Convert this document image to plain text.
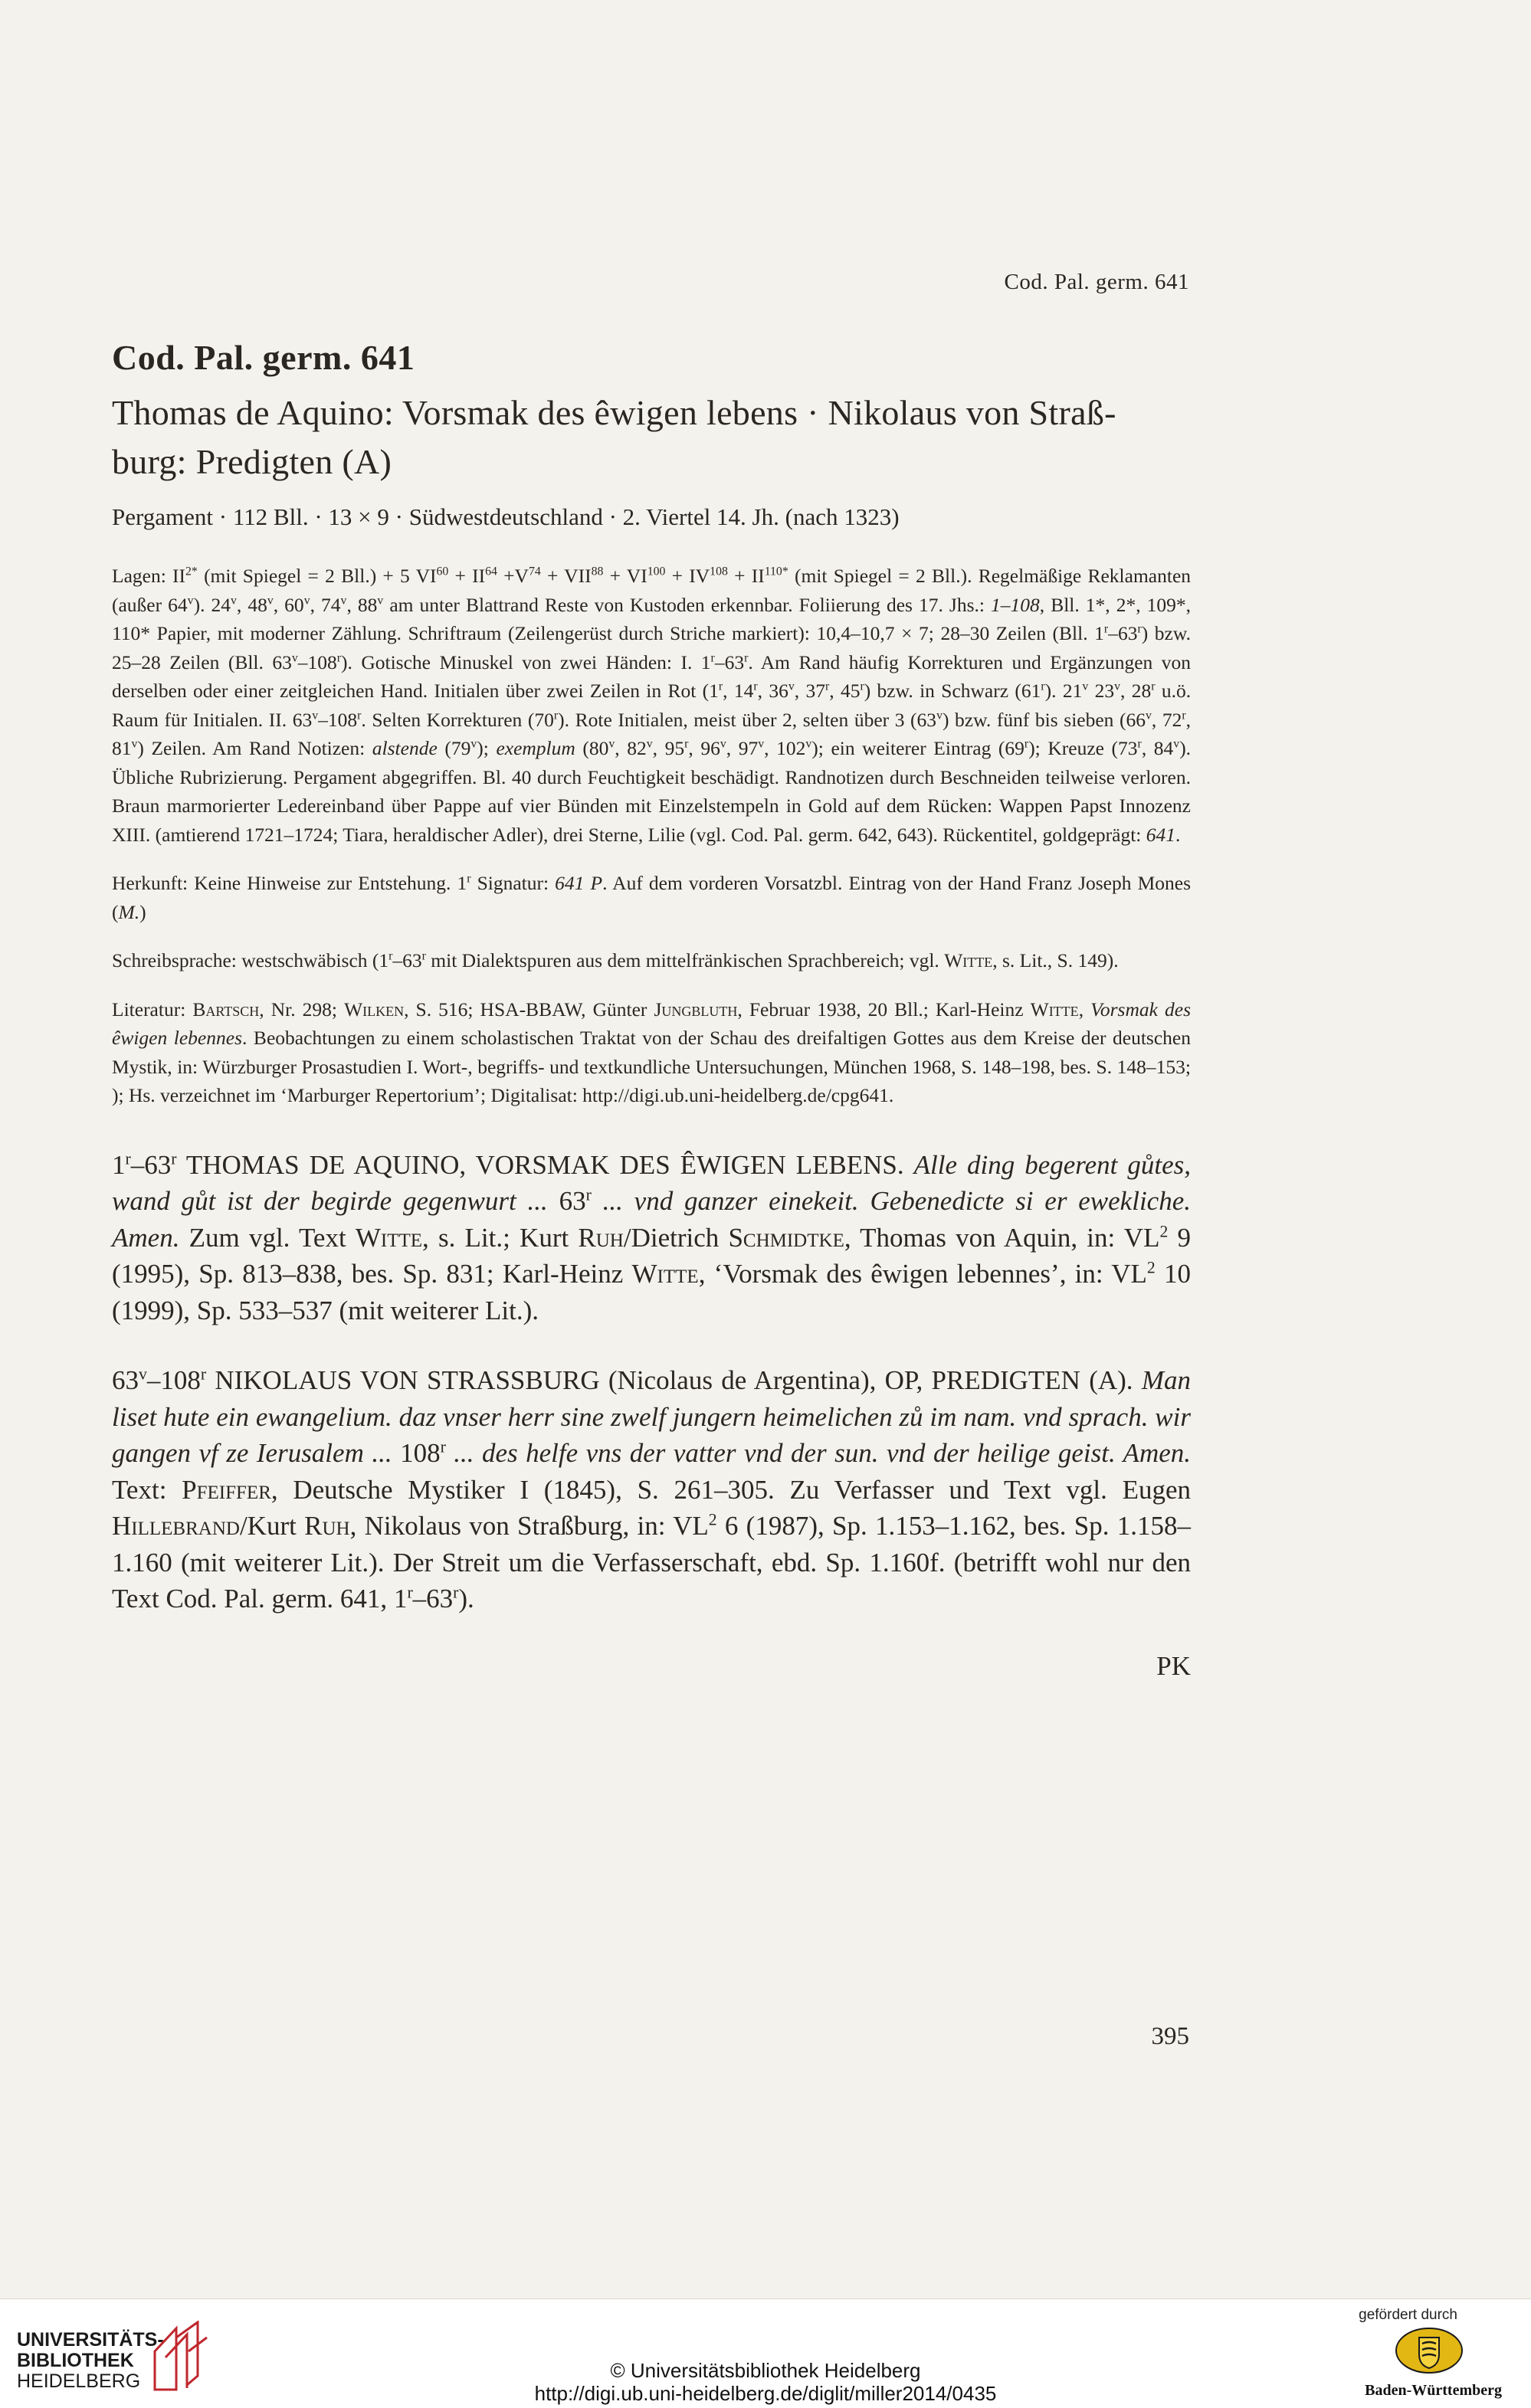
Cod. Pal. germ. 641
Cod. Pal. germ. 641
Thomas de Aquino: Vorsmak des êwigen lebens · Nikolaus von Straß-burg: Predigten (A)

Pergament · 112 Bll. · 13 × 9 · Südwestdeutschland · 2. Viertel 14. Jh. (nach 1323)

Lagen: $II^{2*}$ (mit Spiegel = 2 Bll.) + 5 $VI^{60} + II^{64} +V^{74} + VII^{88} + VI^{100} + IV^{108} + II^{110*}$ (mit Spiegel = 2 Bll.). Regelmäßige Reklamanten (außer 64$^v$). 24$^v$, 48$^v$, 60$^v$, 74$^v$, 88$^v$ am unter Blattrand Reste von Kustoden erkennbar. Foliierung des 17. Jhs.: 1–108, Bll. 1*, 2*, 109*, 110* Papier, mit moderner Zählung. Schriftraum (Zeilengerüst durch Striche markiert): 10,4–10,7 × 7; 28–30 Zeilen (Bll. 1$^r$–63$^r$) bzw. 25–28 Zeilen (Bll. 63$^v$–108$^r$). Gotische Minuskel von zwei Händen: I. 1$^r$–63$^r$. Am Rand häufig Korrekturen und Ergänzungen von derselben oder einer zeitgleichen Hand. Initialen über zwei Zeilen in Rot (1$^r$, 14$^r$, 36$^v$, 37$^r$, 45$^r$) bzw. in Schwarz (61$^r$). 21$^v$ 23$^v$, 28$^r$ u.ö. Raum für Initialen. II. 63$^v$–108$^r$. Selten Korrekturen (70$^r$). Rote Initialen, meist über 2, selten über 3 (63$^v$) bzw. fünf bis sieben (66$^v$, 72$^r$, 81$^v$) Zeilen. Am Rand Notizen: alstende (79$^v$); exemplum (80$^v$, 82$^v$, 95$^r$, 96$^v$, 97$^v$, 102$^v$); ein weiterer Eintrag (69$^r$); Kreuze (73$^r$, 84$^v$). Übliche Rubrizierung. Pergament abgegriffen. Bl. 40 durch Feuchtigkeit beschädigt. Randnotizen durch Beschneiden teilweise verloren. Braun marmorierter Ledereinband über Pappe auf vier Bünden mit Einzelstempeln in Gold auf dem Rücken: Wappen Papst Innozenz XIII. (amtierend 1721–1724; Tiara, heraldischer Adler), drei Sterne, Lilie (vgl. Cod. Pal. germ. 642, 643). Rückentitel, goldgeprägt: 641.

Herkunft: Keine Hinweise zur Entstehung. 1$^r$ Signatur: 641 P. Auf dem vorderen Vorsatzbl. Eintrag von der Hand Franz Joseph Mones (M.)

Schreibsprache: westschwäbisch (1$^r$–63$^r$ mit Dialektspuren aus dem mittelfränkischen Sprachbereich; vgl. Witte, s. Lit., S. 149).

Literatur: Bartsch, Nr. 298; Wilken, S. 516; HSA-BBAW, Günter Jungbluth, Februar 1938, 20 Bll.; Karl-Heinz Witte, Vorsmak des êwigen lebennes. Beobachtungen zu einem scholastischen Traktat von der Schau des dreifaltigen Gottes aus dem Kreise der deutschen Mystik, in: Würzburger Prosastudien I. Wort-, begriffs- und textkundliche Untersuchungen, München 1968, S. 148–198, bes. S. 148–153; ); Hs. verzeichnet im ‘Marburger Repertorium’; Digitalisat: http://digi.ub.uni-heidelberg.de/cpg641.

1$^r$–63$^r$ THOMAS DE AQUINO, VORSMAK DES ÊWIGEN LEBENS. Alle ding begerent gůtes, wand gůt ist der begirde gegenwurt ... 63$^r$ ... vnd ganzer einekeit. Gebenedicte si er ewekliche. Amen. Zum vgl. Text Witte, s. Lit.; Kurt Ruh/Dietrich Schmidtke, Thomas von Aquin, in: $VL^2$ 9 (1995), Sp. 813–838, bes. Sp. 831; Karl-Heinz Witte, ‘Vorsmak des êwigen lebennes’, in: $VL^2$ 10 (1999), Sp. 533–537 (mit weiterer Lit.).

63$^v$–108$^r$ NIKOLAUS VON STRASSBURG (Nicolaus de Argentina), OP, PREDIGTEN (A). Man liset hute ein ewangelium. daz vnser herr sine zwelf jungern heimelichen zů im nam. vnd sprach. wir gangen vf ze Ierusalem ... 108$^r$ ... des helfe vns der vatter vnd der sun. vnd der heilige geist. Amen. Text: Pfeiffer, Deutsche Mystiker I (1845), S. 261–305. Zu Verfasser und Text vgl. Eugen Hillebrand/Kurt Ruh, Nikolaus von Straßburg, in: $VL^2$ 6 (1987), Sp. 1.153–1.162, bes. Sp. 1.158–1.160 (mit weiterer Lit.). Der Streit um die Verfasserschaft, ebd. Sp. 1.160f. (betrifft wohl nur den Text Cod. Pal. germ. 641, 1$^r$–63$^r$).

PK

395
UNIVERSITÄTS-
BIBLIOTHEK
HEIDELBERG	© Universitätsbibliothek Heidelberg
http://digi.ub.uni-heidelberg.de/diglit/miller2014/0435
gefördert durch
Baden-Württemberg
